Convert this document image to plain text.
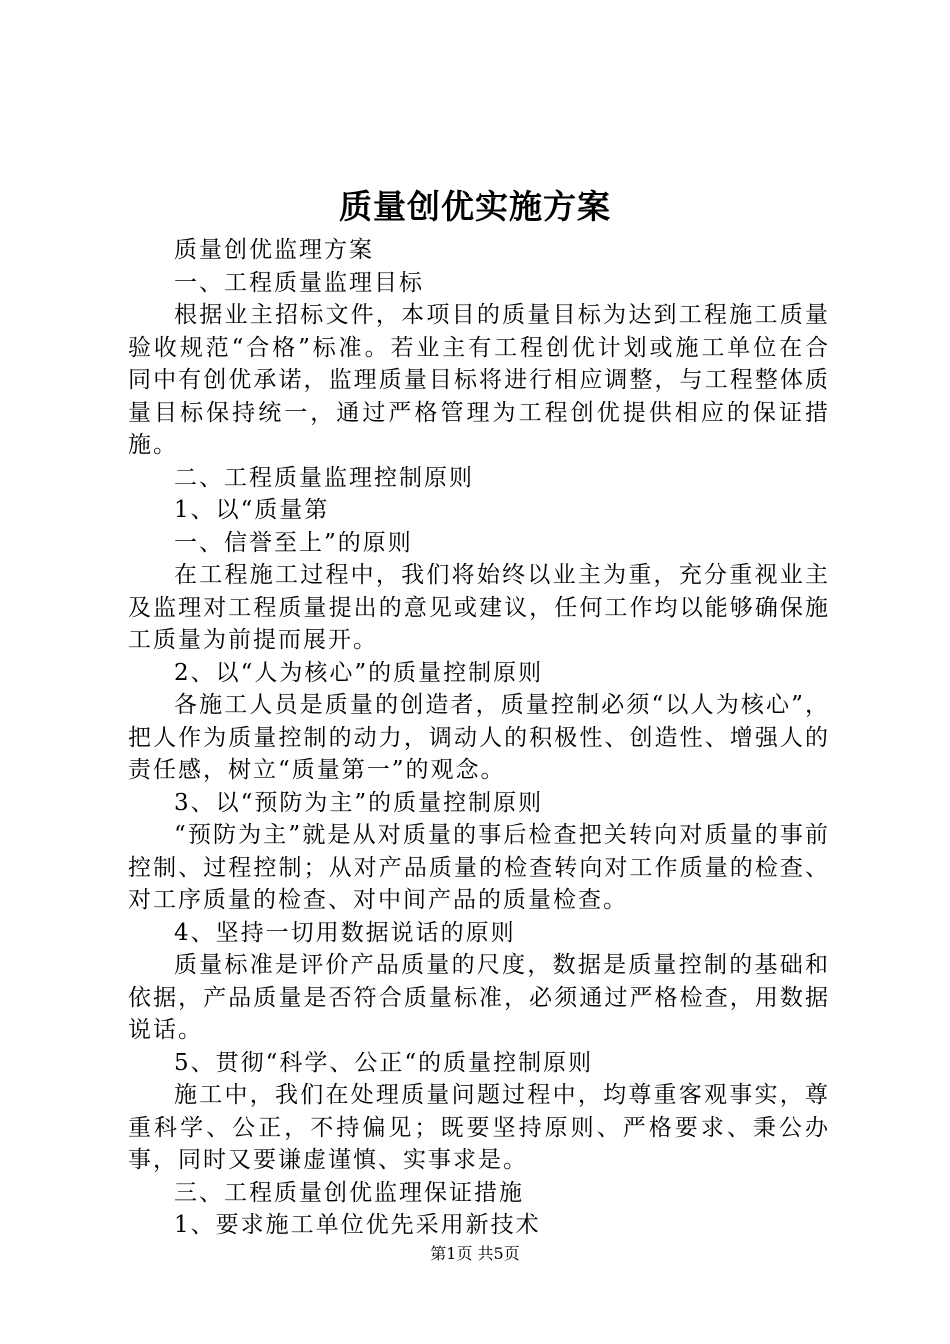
质量创优实施方案

质量创优监理方案

一、工程质量监理目标

根据业主招标文件，本项目的质量目标为达到工程施工质量验收规范“合格”标准。若业主有工程创优计划或施工单位在合同中有创优承诺，监理质量目标将进行相应调整，与工程整体质量目标保持统一，通过严格管理为工程创优提供相应的保证措施。

二、工程质量监理控制原则

1、以“质量第

一、信誉至上”的原则

在工程施工过程中，我们将始终以业主为重，充分重视业主及监理对工程质量提出的意见或建议，任何工作均以能够确保施工质量为前提而展开。

2、以“人为核心”的质量控制原则

各施工人员是质量的创造者，质量控制必须“以人为核心”，把人作为质量控制的动力，调动人的积极性、创造性、增强人的责任感，树立“质量第一”的观念。

3、以“预防为主”的质量控制原则

“预防为主”就是从对质量的事后检查把关转向对质量的事前控制、过程控制；从对产品质量的检查转向对工作质量的检查、对工序质量的检查、对中间产品的质量检查。

4、坚持一切用数据说话的原则

质量标准是评价产品质量的尺度，数据是质量控制的基础和依据，产品质量是否符合质量标准，必须通过严格检查，用数据说话。

5、贯彻“科学、公正“的质量控制原则

施工中，我们在处理质量问题过程中，均尊重客观事实，尊重科学、公正，不持偏见；既要坚持原则、严格要求、秉公办事，同时又要谦虚谨慎、实事求是。

三、工程质量创优监理保证措施

1、要求施工单位优先采用新技术

第1页 共5页
